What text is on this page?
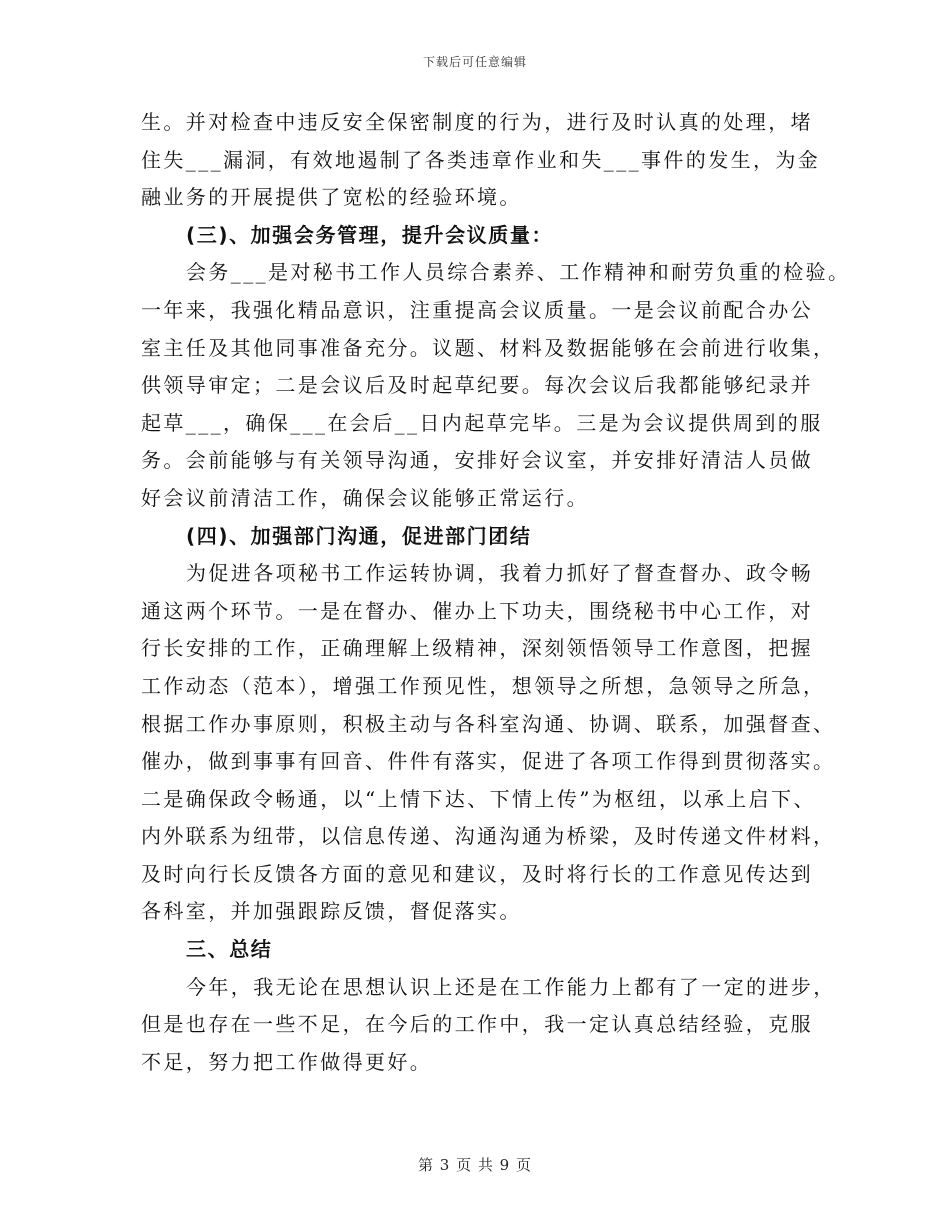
下载后可任意编辑
生。并对检查中违反安全保密制度的行为，进行及时认真的处理，堵
住失___漏洞，有效地遏制了各类违章作业和失___事件的发生，为金
融业务的开展提供了宽松的经验环境。
(三)、加强会务管理，提升会议质量：
会务___是对秘书工作人员综合素养、工作精神和耐劳负重的检验。
一年来，我强化精品意识，注重提高会议质量。一是会议前配合办公
室主任及其他同事准备充分。议题、材料及数据能够在会前进行收集，
供领导审定；二是会议后及时起草纪要。每次会议后我都能够纪录并
起草___，确保___在会后__日内起草完毕。三是为会议提供周到的服
务。会前能够与有关领导沟通，安排好会议室，并安排好清洁人员做
好会议前清洁工作，确保会议能够正常运行。
(四)、加强部门沟通，促进部门团结
为促进各项秘书工作运转协调，我着力抓好了督查督办、政令畅
通这两个环节。一是在督办、催办上下功夫，围绕秘书中心工作，对
行长安排的工作，正确理解上级精神，深刻领悟领导工作意图，把握
工作动态（范本），增强工作预见性，想领导之所想，急领导之所急，
根据工作办事原则，积极主动与各科室沟通、协调、联系，加强督查、
催办，做到事事有回音、件件有落实，促进了各项工作得到贯彻落实。
二是确保政令畅通，以“上情下达、下情上传”为枢纽，以承上启下、
内外联系为纽带，以信息传递、沟通沟通为桥梁，及时传递文件材料，
及时向行长反馈各方面的意见和建议，及时将行长的工作意见传达到
各科室，并加强跟踪反馈，督促落实。
三、总结
今年，我无论在思想认识上还是在工作能力上都有了一定的进步，
但是也存在一些不足，在今后的工作中，我一定认真总结经验，克服
不足，努力把工作做得更好。
第 3 页 共 9 页
